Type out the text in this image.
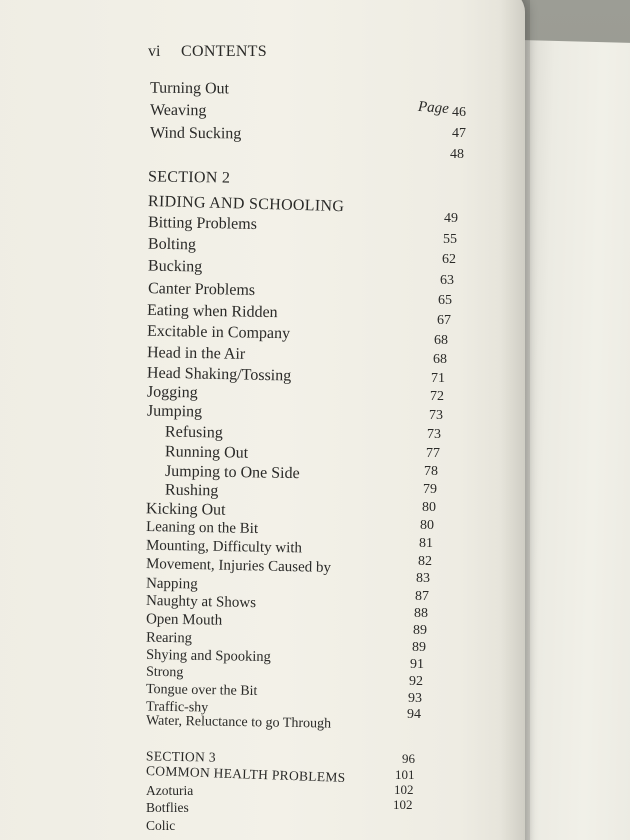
vi CONTENTS
Page
Turning Out
Weaving
Wind Sucking
SECTION 2
RIDING AND SCHOOLING
Bitting Problems
Bolting
Bucking
Canter Problems
Eating when Ridden
Excitable in Company
Head in the Air
Head Shaking/Tossing
Jogging
Jumping
Refusing
Running Out
Jumping to One Side
Rushing
Kicking Out
Leaning on the Bit
Mounting, Difficulty with
Movement, Injuries Caused by
Napping
Naughty at Shows
Open Mouth
Rearing
Shying and Spooking
Strong
Tongue over the Bit
Traffic-shy
Water, Reluctance to go Through
SECTION 3
COMMON HEALTH PROBLEMS
Azoturia
Botflies
Colic
46
47
48
49
55
62
63
65
67
68
68
71
72
73
73
77
78
79
80
80
81
82
83
87
88
89
89
91
92
93
94
96
101
102
102
